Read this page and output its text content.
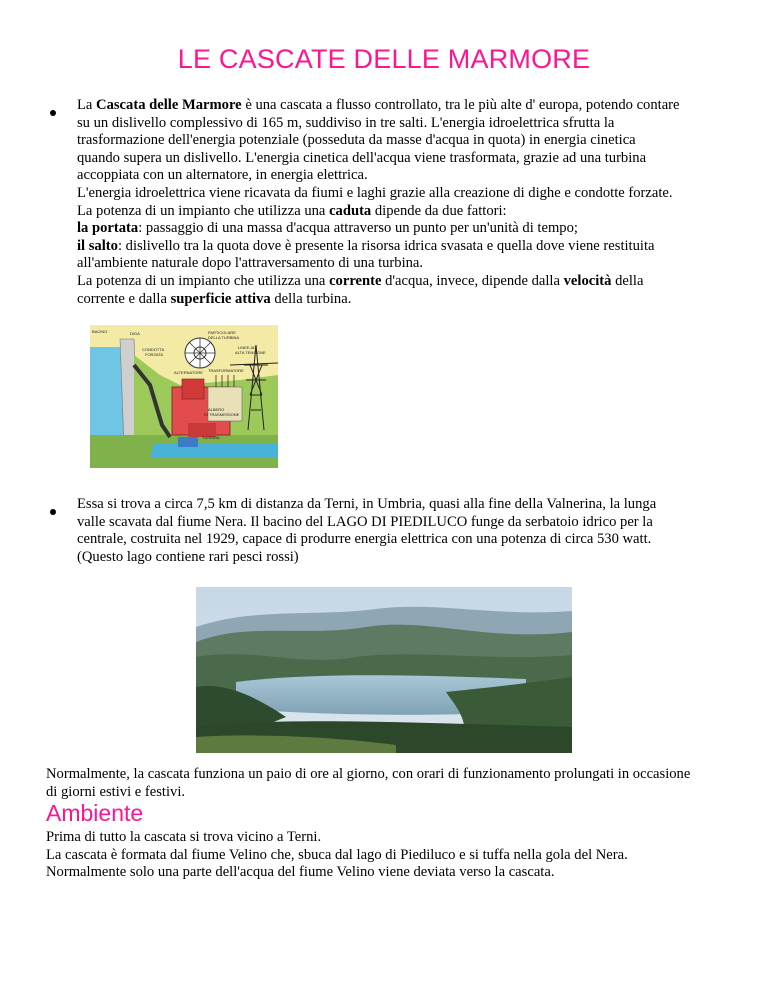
LE CASCATE DELLE MARMORE
La Cascata delle Marmore è una cascata a flusso controllato, tra le più alte d' europa, potendo contare
su un dislivello complessivo di 165 m, suddiviso in tre salti. L'energia idroelettrica sfrutta la
trasformazione dell'energia potenziale (posseduta da masse d'acqua in quota) in energia cinetica
quando supera un dislivello. L'energia cinetica dell'acqua viene trasformata, grazie ad una turbina
accoppiata con un alternatore, in energia elettrica.
L'energia idroelettrica viene ricavata da fiumi e laghi grazie alla creazione di dighe e condotte forzate.
La potenza di un impianto che utilizza una caduta dipende da due fattori:
la portata: passaggio di una massa d'acqua attraverso un punto per un'unità di tempo;
il salto: dislivello tra la quota dove è presente la risorsa idrica svasata e quella dove viene restituita
all'ambiente naturale dopo l'attraversamento di una turbina.
La potenza di un impianto che utilizza una corrente d'acqua, invece, dipende dalla velocità della
corrente e dalla superficie attiva della turbina.
BACINO	DIGA
CONDOTTA
FORZATA
PARTICOLARE
DELLA TURBINA
LINEE AD
ALTA TENSIONE
ALTERNATORE TRASFORMATORE
ALBERO
DI TRASMISSIONE
TURBINA
Essa si trova a circa 7,5 km di distanza da Terni, in Umbria, quasi alla fine della Valnerina, la lunga
valle scavata dal fiume Nera. Il bacino del LAGO DI PIEDILUCO funge da serbatoio idrico per la
centrale, costruita nel 1929, capace di produrre energia elettrica con una potenza di circa 530 watt.
(Questo lago contiene rari pesci rossi)
Normalmente, la cascata funziona un paio di ore al giorno, con orari di funzionamento prolungati in occasione
di giorni estivi e festivi.
Ambiente
Prima di tutto la cascata si trova vicino a Terni.
La cascata è formata dal fiume Velino che, sbuca dal lago di Piediluco e si tuffa nella gola del Nera.
Normalmente solo una parte dell'acqua del fiume Velino viene deviata verso la cascata.
